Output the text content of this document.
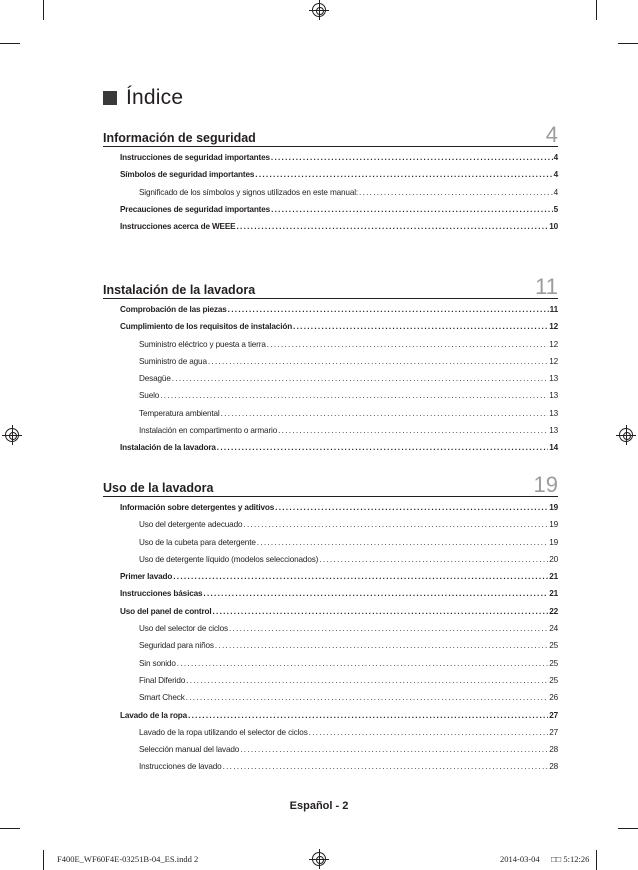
Índice
Información de seguridad	4
Instrucciones de seguridad importantes . . .	4
Símbolos de seguridad importantes . . .	4
Significado de los símbolos y signos utilizados en este manual: . . .	4
Precauciones de seguridad importantes . . .	5
Instrucciones acerca de WEEE . . .	10
Instalación de la lavadora	11
Comprobación de las piezas . . .	11
Cumplimiento de los requisitos de instalación . . .	12
Suministro eléctrico y puesta a tierra . . .	12
Suministro de agua . . .	12
Desagüe . . .	13
Suelo . . .	13
Temperatura ambiental . . .	13
Instalación en compartimento o armario . . .	13
Instalación de la lavadora . . .	14
Uso de la lavadora	19
Información sobre detergentes y aditivos . . .	19
Uso del detergente adecuado . . .	19
Uso de la cubeta para detergente . . .	19
Uso de detergente líquido (modelos seleccionados) . . .	20
Primer lavado . . .	21
Instrucciones básicas . . .	21
Uso del panel de control . . .	22
Uso del selector de ciclos . . .	24
Seguridad para niños . . .	25
Sin sonido . . .	25
Final Diferido . . .	25
Smart Check . . .	26
Lavado de la ropa . . .	27
Lavado de la ropa utilizando el selector de ciclos . . .	27
Selección manual del lavado . . .	28
Instrucciones de lavado . . .	28
Español - 2
F400E_WF60F4E-03251B-04_ES.indd 2	2014-03-04 □□ 5:12:26
